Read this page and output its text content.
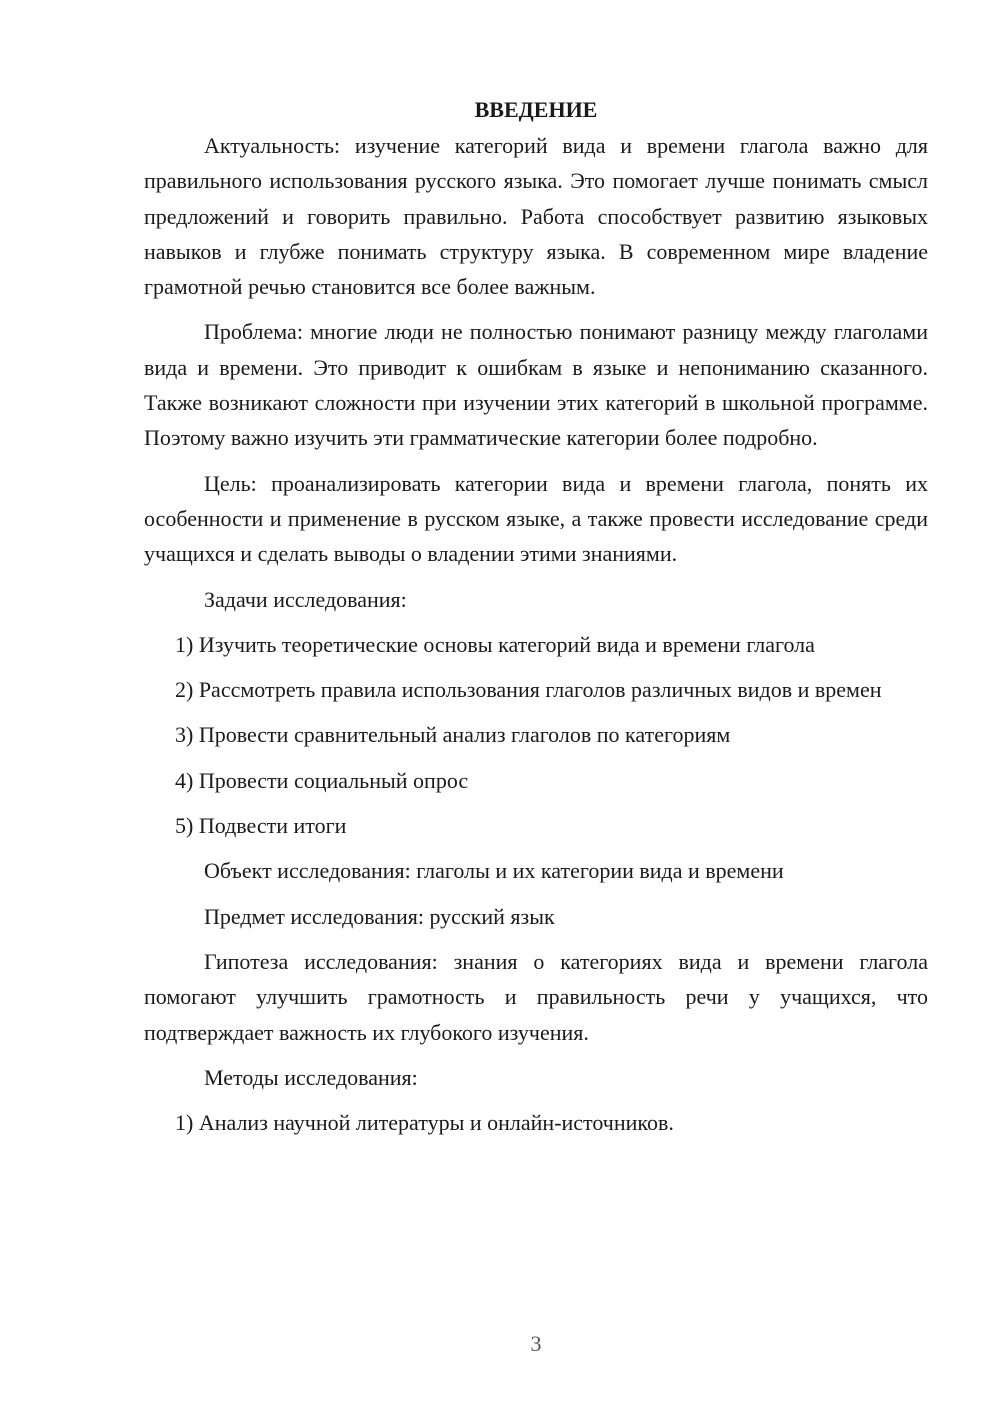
ВВЕДЕНИЕ

Актуальность: изучение категорий вида и времени глагола важно для правильного использования русского языка. Это помогает лучше понимать смысл предложений и говорить правильно. Работа способствует развитию языковых навыков и глубже понимать структуру языка. В современном мире владение грамотной речью становится все более важным.

Проблема: многие люди не полностью понимают разницу между глаголами вида и времени. Это приводит к ошибкам в языке и непониманию сказанного. Также возникают сложности при изучении этих категорий в школьной программе. Поэтому важно изучить эти грамматические категории более подробно.

Цель: проанализировать категории вида и времени глагола, понять их особенности и применение в русском языке, а также провести исследование среди учащихся и сделать выводы о владении этими знаниями.

Задачи исследования:

1) Изучить теоретические основы категорий вида и времени глагола

2) Рассмотреть правила использования глаголов различных видов и времен

3) Провести сравнительный анализ глаголов по категориям

4) Провести социальный опрос

5) Подвести итоги

Объект исследования: глаголы и их категории вида и времени

Предмет исследования: русский язык

Гипотеза исследования: знания о категориях вида и времени глагола помогают улучшить грамотность и правильность речи у учащихся, что подтверждает важность их глубокого изучения.

Методы исследования:

1) Анализ научной литературы и онлайн-источников.

3
